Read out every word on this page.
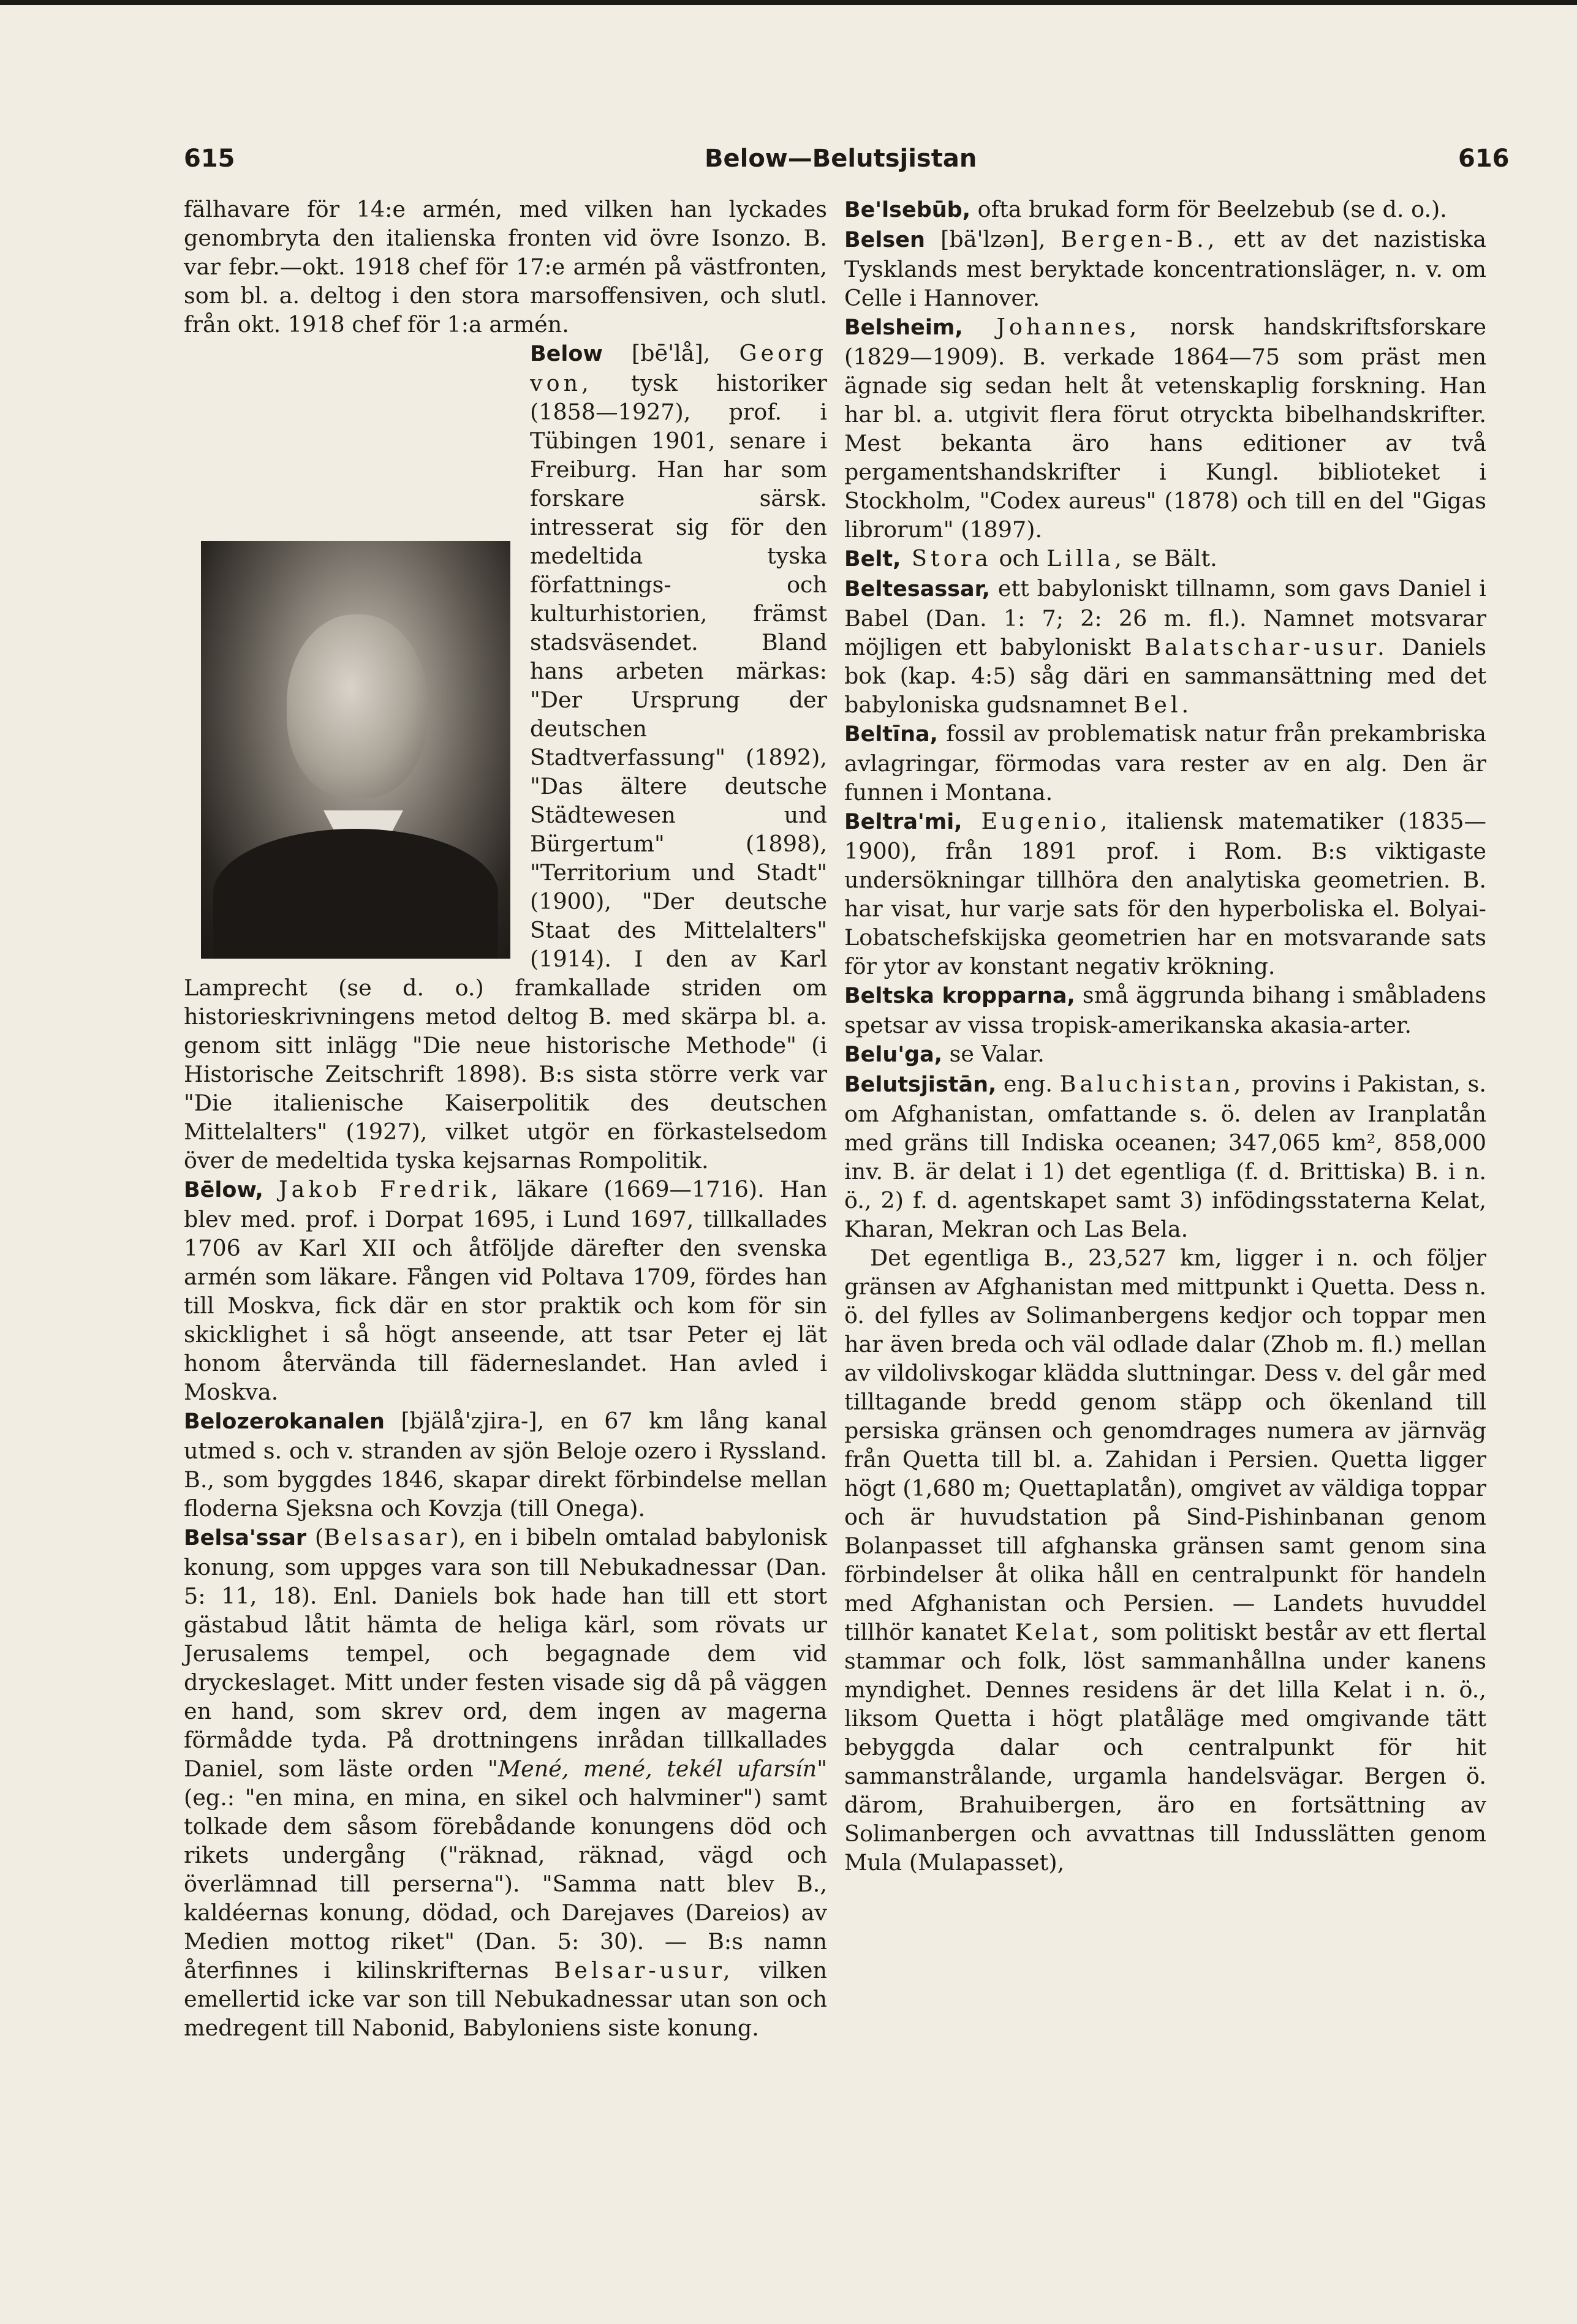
615	Below—Belutsjistan	616

fälhavare för 14:e armén, med vilken han lyckades genombryta den italienska fronten vid övre Isonzo. B. var febr.—okt. 1918 chef för 17:e armén på västfronten, som bl. a. deltog i den stora marsoffensiven, och slutl. från okt. 1918 chef för 1:a armén.

Below [bē'lå], Georg von, tysk historiker (1858—1927), prof. i Tübingen 1901, senare i Freiburg. Han har som forskare särsk. intresserat sig för den medeltida tyska författnings- och kulturhistorien, främst stadsväsendet. Bland hans arbeten märkas: "Der Ursprung der deutschen Stadtverfassung" (1892), "Das ältere deutsche Städtewesen und Bürgertum" (1898), "Territorium und Stadt" (1900), "Der deutsche Staat des Mittelalters" (1914). I den av Karl Lamprecht (se d. o.) framkallade striden om historieskrivningens metod deltog B. med skärpa bl. a. genom sitt inlägg "Die neue historische Methode" (i Historische Zeitschrift 1898). B:s sista större verk var "Die italienische Kaiserpolitik des deutschen Mittelalters" (1927), vilket utgör en förkastelsedom över de medeltida tyska kejsarnas Rompolitik.

Bēlow, Jakob Fredrik, läkare (1669—1716). Han blev med. prof. i Dorpat 1695, i Lund 1697, tillkallades 1706 av Karl XII och åtföljde därefter den svenska armén som läkare. Fången vid Poltava 1709, fördes han till Moskva, fick där en stor praktik och kom för sin skicklighet i så högt anseende, att tsar Peter ej lät honom återvända till fäderneslandet. Han avled i Moskva.

Belozerokanalen [bjälå'zjira-], en 67 km lång kanal utmed s. och v. stranden av sjön Beloje ozero i Ryssland. B., som byggdes 1846, skapar direkt förbindelse mellan floderna Sjeksna och Kovzja (till Onega).

Belsa'ssar (Belsasar), en i bibeln omtalad babylonisk konung, som uppges vara son till Nebukadnessar (Dan. 5: 11, 18). Enl. Daniels bok hade han till ett stort gästabud låtit hämta de heliga kärl, som rövats ur Jerusalems tempel, och begagnade dem vid dryckeslaget. Mitt under festen visade sig då på väggen en hand, som skrev ord, dem ingen av magerna förmådde tyda. På drottningens inrådan tillkallades Daniel, som läste orden "Mené, mené, tekél ufarsín" (eg.: "en mina, en mina, en sikel och halvminer") samt tolkade dem såsom förebådande konungens död och rikets undergång ("räknad, räknad, vägd och överlämnad till perserna"). "Samma natt blev B., kaldéernas konung, dödad, och Darejaves (Dareios) av Medien mottog riket" (Dan. 5: 30). — B:s namn återfinnes i kilinskrifternas Belsar-usur, vilken emellertid icke var son till Nebukadnessar utan son och medregent till Nabonid, Babyloniens siste konung.

Be'lsebūb, ofta brukad form för Beelzebub (se d. o.).

Belsen [bä'lzən], Bergen-B., ett av det nazistiska Tysklands mest beryktade koncentrationsläger, n. v. om Celle i Hannover.

Belsheim, Johannes, norsk handskriftsforskare (1829—1909). B. verkade 1864—75 som präst men ägnade sig sedan helt åt vetenskaplig forskning. Han har bl. a. utgivit flera förut otryckta bibelhandskrifter. Mest bekanta äro hans editioner av två pergamentshandskrifter i Kungl. biblioteket i Stockholm, "Codex aureus" (1878) och till en del "Gigas librorum" (1897).

Belt, Stora och Lilla, se Bält.

Beltesassar, ett babyloniskt tillnamn, som gavs Daniel i Babel (Dan. 1: 7; 2: 26 m. fl.). Namnet motsvarar möjligen ett babyloniskt Balatschar-usur. Daniels bok (kap. 4:5) såg däri en sammansättning med det babyloniska gudsnamnet Bel.

Beltīna, fossil av problematisk natur från prekambriska avlagringar, förmodas vara rester av en alg. Den är funnen i Montana.

Beltra'mi, Eugenio, italiensk matematiker (1835—1900), från 1891 prof. i Rom. B:s viktigaste undersökningar tillhöra den analytiska geometrien. B. har visat, hur varje sats för den hyperboliska el. Bolyai-Lobatschefskijska geometrien har en motsvarande sats för ytor av konstant negativ krökning.

Beltska kropparna, små äggrunda bihang i småbladens spetsar av vissa tropisk-amerikanska akasia-arter.

Belu'ga, se Valar.

Belutsjistān, eng. Baluchistan, provins i Pakistan, s. om Afghanistan, omfattande s. ö. delen av Iranplatån med gräns till Indiska oceanen; 347,065 km², 858,000 inv. B. är delat i 1) det egentliga (f. d. Brittiska) B. i n. ö., 2) f. d. agentskapet samt 3) infödingsstaterna Kelat, Kharan, Mekran och Las Bela.

Det egentliga B., 23,527 km, ligger i n. och följer gränsen av Afghanistan med mittpunkt i Quetta. Dess n. ö. del fylles av Solimanbergens kedjor och toppar men har även breda och väl odlade dalar (Zhob m. fl.) mellan av vildolivskogar klädda sluttningar. Dess v. del går med tilltagande bredd genom stäpp och ökenland till persiska gränsen och genomdrages numera av järnväg från Quetta till bl. a. Zahidan i Persien. Quetta ligger högt (1,680 m; Quettaplatån), omgivet av väldiga toppar och är huvudstation på Sind-Pishinbanan genom Bolanpasset till afghanska gränsen samt genom sina förbindelser åt olika håll en centralpunkt för handeln med Afghanistan och Persien. — Landets huvuddel tillhör kanatet Kelat, som politiskt består av ett flertal stammar och folk, löst sammanhållna under kanens myndighet. Dennes residens är det lilla Kelat i n. ö., liksom Quetta i högt platåläge med omgivande tätt bebyggda dalar och centralpunkt för hit sammanstrålande, urgamla handelsvägar. Bergen ö. därom, Brahuibergen, äro en fortsättning av Solimanbergen och avvattnas till Indusslätten genom Mula (Mulapasset),
